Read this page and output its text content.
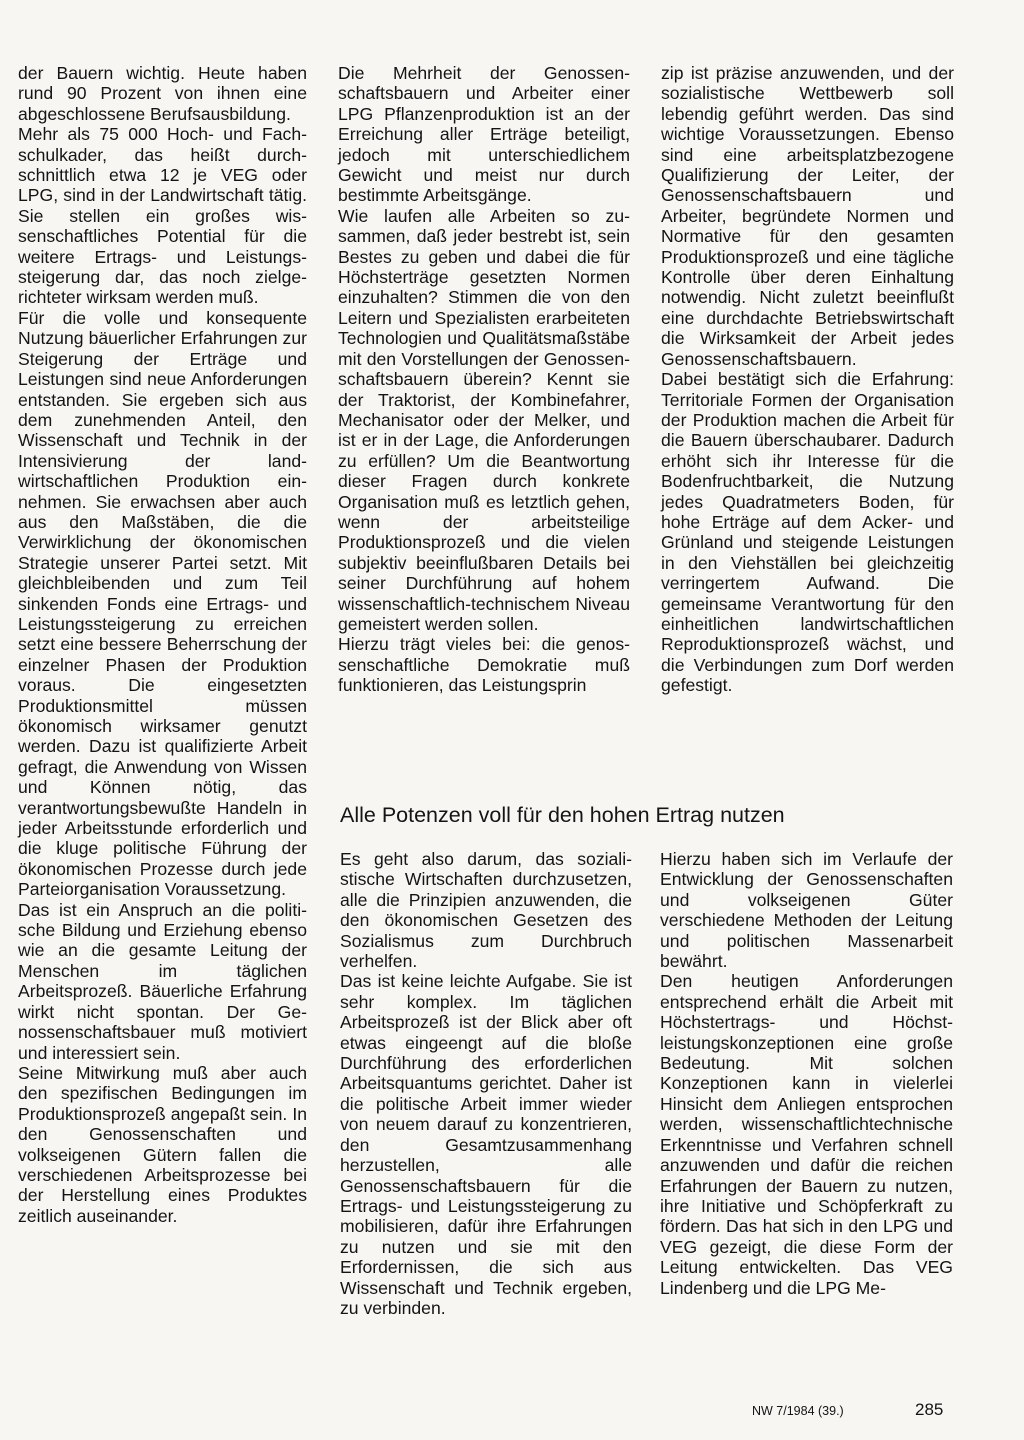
der Bauern wichtig. Heute haben rund 90 Prozent von ihnen eine abgeschlossene Berufsausbildung.

Mehr als 75 000 Hoch- und Fachschulkader, das heißt durchschnittlich etwa 12 je VEG oder LPG, sind in der Landwirtschaft tätig. Sie stellen ein großes wissenschaftliches Potential für die weitere Ertrags- und Leistungssteigerung dar, das noch zielgerichteter wirksam werden muß.

Für die volle und konsequente Nutzung bäuerlicher Erfahrungen zur Steigerung der Erträge und Leistungen sind neue Anforderungen entstanden. Sie ergeben sich aus dem zunehmenden Anteil, den Wissenschaft und Technik in der Intensivierung der landwirtschaftlichen Produktion einnehmen. Sie erwachsen aber auch aus den Maßstäben, die die Verwirklichung der ökonomischen Strategie unserer Partei setzt. Mit gleichbleibenden und zum Teil sinkenden Fonds eine Ertrags- und Leistungssteigerung zu erreichen setzt eine bessere Beherrschung der einzelner Phasen der Produktion voraus. Die eingesetzten Produktionsmittel müssen ökonomisch wirksamer genutzt werden. Dazu ist qualifizierte Arbeit gefragt, die Anwendung von Wissen und Können nötig, das verantwortungsbewußte Handeln in jeder Arbeitsstunde erforderlich und die kluge politische Führung der ökonomischen Prozesse durch jede Parteiorganisation Voraussetzung.

Das ist ein Anspruch an die politische Bildung und Erziehung ebenso wie an die gesamte Leitung der Menschen im täglichen Arbeitsprozeß. Bäuerliche Erfahrung wirkt nicht spontan. Der Genossenschaftsbauer muß motiviert und interessiert sein.

Seine Mitwirkung muß aber auch den spezifischen Bedingungen im Produktionsprozeß angepaßt sein. In den Genossenschaften und volkseigenen Gütern fallen die verschiedenen Arbeitsprozesse bei der Herstellung eines Produktes zeitlich auseinander.

Die Mehrheit der Genossenschaftsbauern und Arbeiter einer LPG Pflanzenproduktion ist an der Erreichung aller Erträge beteiligt, jedoch mit unterschiedlichem Gewicht und meist nur durch bestimmte Arbeitsgänge.

Wie laufen alle Arbeiten so zusammen, daß jeder bestrebt ist, sein Bestes zu geben und dabei die für Höchsterträge gesetzten Normen einzuhalten? Stimmen die von den Leitern und Spezialisten erarbeiteten Technologien und Qualitätsmaßstäbe mit den Vorstellungen der Genossenschaftsbauern überein? Kennt sie der Traktorist, der Kombinefahrer, Mechanisator oder der Melker, und ist er in der Lage, die Anforderungen zu erfüllen? Um die Beantwortung dieser Fragen durch konkrete Organisation muß es letztlich gehen, wenn der arbeitsteilige Produktionsprozeß und die vielen subjektiv beeinflußbaren Details bei seiner Durchführung auf hohem wissenschaftlich-technischem Niveau gemeistert werden sollen.

Hierzu trägt vieles bei: die genossenschaftliche Demokratie muß funktionieren, das Leistungsprin

zip ist präzise anzuwenden, und der sozialistische Wettbewerb soll lebendig geführt werden. Das sind wichtige Voraussetzungen. Ebenso sind eine arbeitsplatzbezogene Qualifizierung der Leiter, der Genossenschaftsbauern und Arbeiter, begründete Normen und Normative für den gesamten Produktionsprozeß und eine tägliche Kontrolle über deren Einhaltung notwendig. Nicht zuletzt beeinflußt eine durchdachte Betriebswirtschaft die Wirksamkeit der Arbeit jedes Genossenschaftsbauern.

Dabei bestätigt sich die Erfahrung: Territoriale Formen der Organisation der Produktion machen die Arbeit für die Bauern überschaubarer. Dadurch erhöht sich ihr Interesse für die Bodenfruchtbarkeit, die Nutzung jedes Quadratmeters Boden, für hohe Erträge auf dem Acker- und Grünland und steigende Leistungen in den Viehställen bei gleichzeitig verringertem Aufwand. Die gemeinsame Verantwortung für den einheitlichen landwirtschaftlichen Reproduktionsprozeß wächst, und die Verbindungen zum Dorf werden gefestigt.

Alle Potenzen voll für den hohen Ertrag nutzen

Es geht also darum, das sozialistische Wirtschaften durchzusetzen, alle die Prinzipien anzuwenden, die den ökonomischen Gesetzen des Sozialismus zum Durchbruch verhelfen.

Das ist keine leichte Aufgabe. Sie ist sehr komplex. Im täglichen Arbeitsprozeß ist der Blick aber oft etwas eingeengt auf die bloße Durchführung des erforderlichen Arbeitsquantums gerichtet. Daher ist die politische Arbeit immer wieder von neuem darauf zu konzentrieren, den Gesamtzusammenhang herzustellen, alle Genossenschaftsbauern für die Ertrags- und Leistungssteigerung zu mobilisieren, dafür ihre Erfahrungen zu nutzen und sie mit den Erfordernissen, die sich aus Wissenschaft und Technik ergeben, zu verbinden.

Hierzu haben sich im Verlaufe der Entwicklung der Genossenschaften und volkseigenen Güter verschiedene Methoden der Leitung und politischen Massenarbeit bewährt.

Den heutigen Anforderungen entsprechend erhält die Arbeit mit Höchstertrags- und Höchstleistungskonzeptionen eine große Bedeutung. Mit solchen Konzeptionen kann in vielerlei Hinsicht dem Anliegen entsprochen werden, wissenschaftlichtechnische Erkenntnisse und Verfahren schnell anzuwenden und dafür die reichen Erfahrungen der Bauern zu nutzen, ihre Initiative und Schöpferkraft zu fördern. Das hat sich in den LPG und VEG gezeigt, die diese Form der Leitung entwickelten. Das VEG Lindenberg und die LPG Me-

NW 7/1984 (39.)	285
